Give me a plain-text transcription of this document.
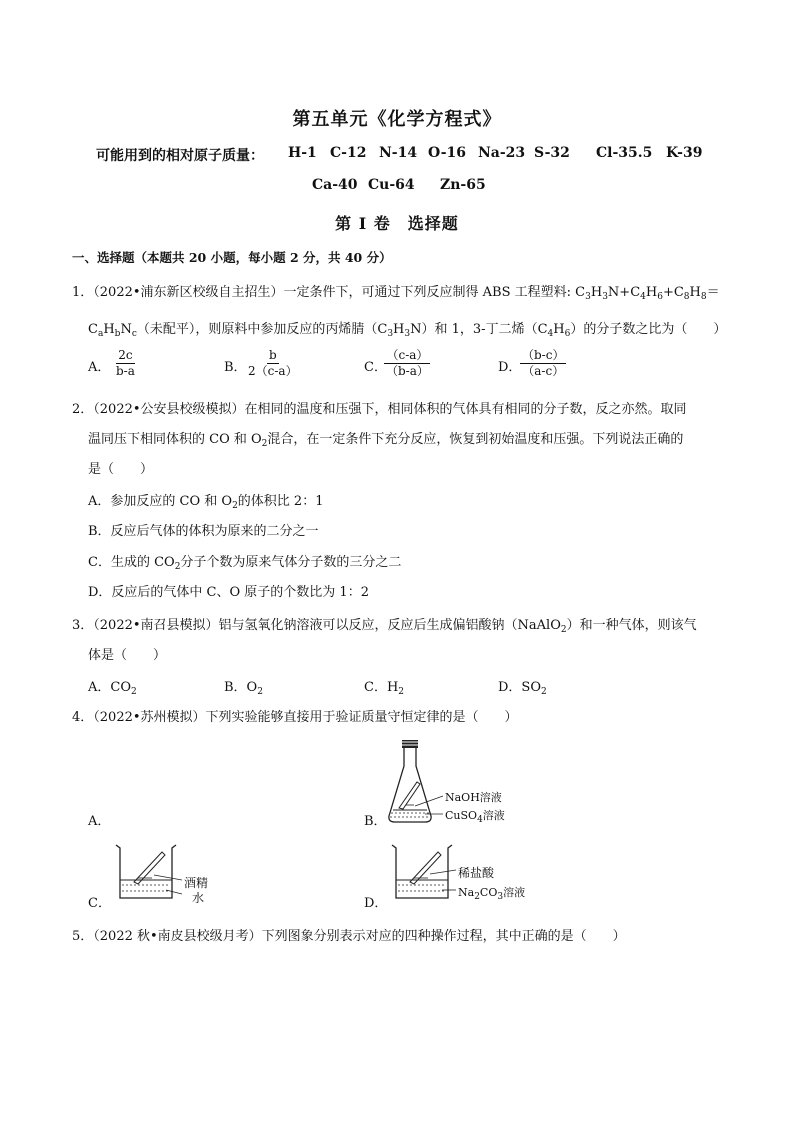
第五单元《化学方程式》
可能用到的相对原子质量： H-1 C-12 N-14 O-16 Na-23 S-32 Cl-35.5 K-39
Ca-40 Cu-64 Zn-65
第 I 卷　选择题
一、选择题（本题共 20 小题，每小题 2 分，共 40 分）
1．（2022•浦东新区校级自主招生）一定条件下，可通过下列反应制得 ABS 工程塑料: $C_3H_3N+C_4H_6+C_8H_8=$
$C_aH_bN_c$（未配平），则原料中参加反应的丙烯腈$(C_3H_3N)$和 1，3-丁二烯$(C_4H_6)$的分子数之比为（　　）
A． $\frac{2c}{b-a}$	B． $\frac{b}{2(c-a)}$	C．
$\frac{(c-a)}{(b-a)}$	D．
$\frac{(b-c)}{(a-c)}$
2．（2022•公安县校级模拟）在相同的温度和压强下，相同体积的气体具有相同的分子数，反之亦然。取同
温同压下相同体积的 CO 和 $O_2$混合，在一定条件下充分反应，恢复到初始温度和压强。下列说法正确的
是（　　）
A．参加反应的 CO 和 $O_2$的体积比 2：1
B．反应后气体的体积为原来的二分之一
C．生成的 $CO_2$分子个数为原来气体分子数的三分之二
D．反应后的气体中 C、O 原子的个数比为 1：2
3．（2022•南召县模拟）铝与氢氧化钠溶液可以反应，反应后生成偏铝酸钠（NaAlO$_2$）和一种气体，则该气
体是（　　）
A．$CO_2$	B．$O_2$	C．$H_2$	D．$SO_2$
4．（2022•苏州模拟）下列实验能够直接用于验证质量守恒定律的是（　　）
A．	B．
C．	D．
NaOH溶液
CuSO$_4$溶液
酒精
水
稀盐酸
$Na_2CO_3$溶液
5．（2022 秋•南皮县校级月考）下列图象分别表示对应的四种操作过程，其中正确的是（　　）
